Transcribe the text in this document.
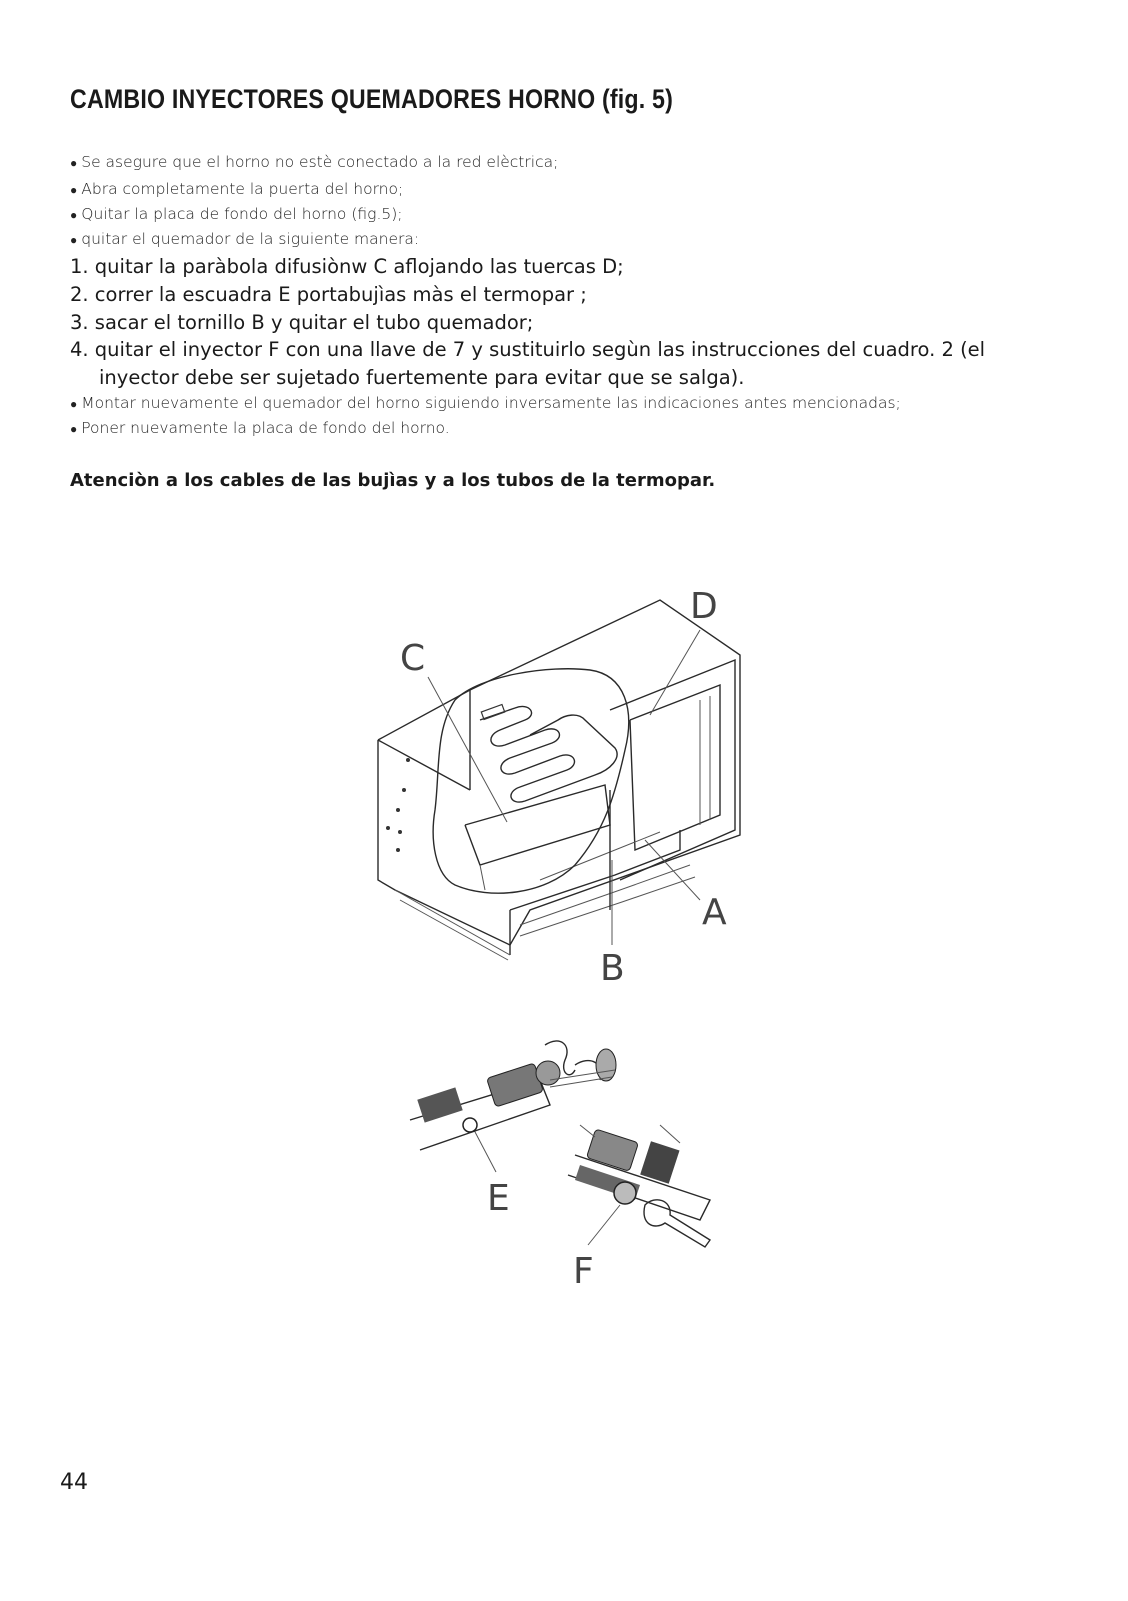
CAMBIO INYECTORES QUEMADORES HORNO (fig. 5)
● Se asegure que el horno no estè conectado a la red elèctrica;
● Abra completamente la puerta del horno;
● Quitar la placa de fondo del horno (fig.5);
● quitar el quemador de la siguiente manera:
1. quitar la paràbola difusiònw C aflojando las tuercas D;
2. correr la escuadra E portabujìas màs el termopar ;
3. sacar el tornillo B y quitar el tubo quemador;
4. quitar el inyector F con una llave de 7 y sustituirlo segùn las instrucciones del cuadro. 2 (el
inyector debe ser sujetado fuertemente para evitar que se salga).
● Montar nuevamente el quemador del horno siguiendo inversamente las indicaciones antes mencionadas;
● Poner nuevamente la placa de fondo del horno.
Atenciòn a los cables de las bujìas y a los tubos de la termopar.
C
D
A
B
E
F
44
